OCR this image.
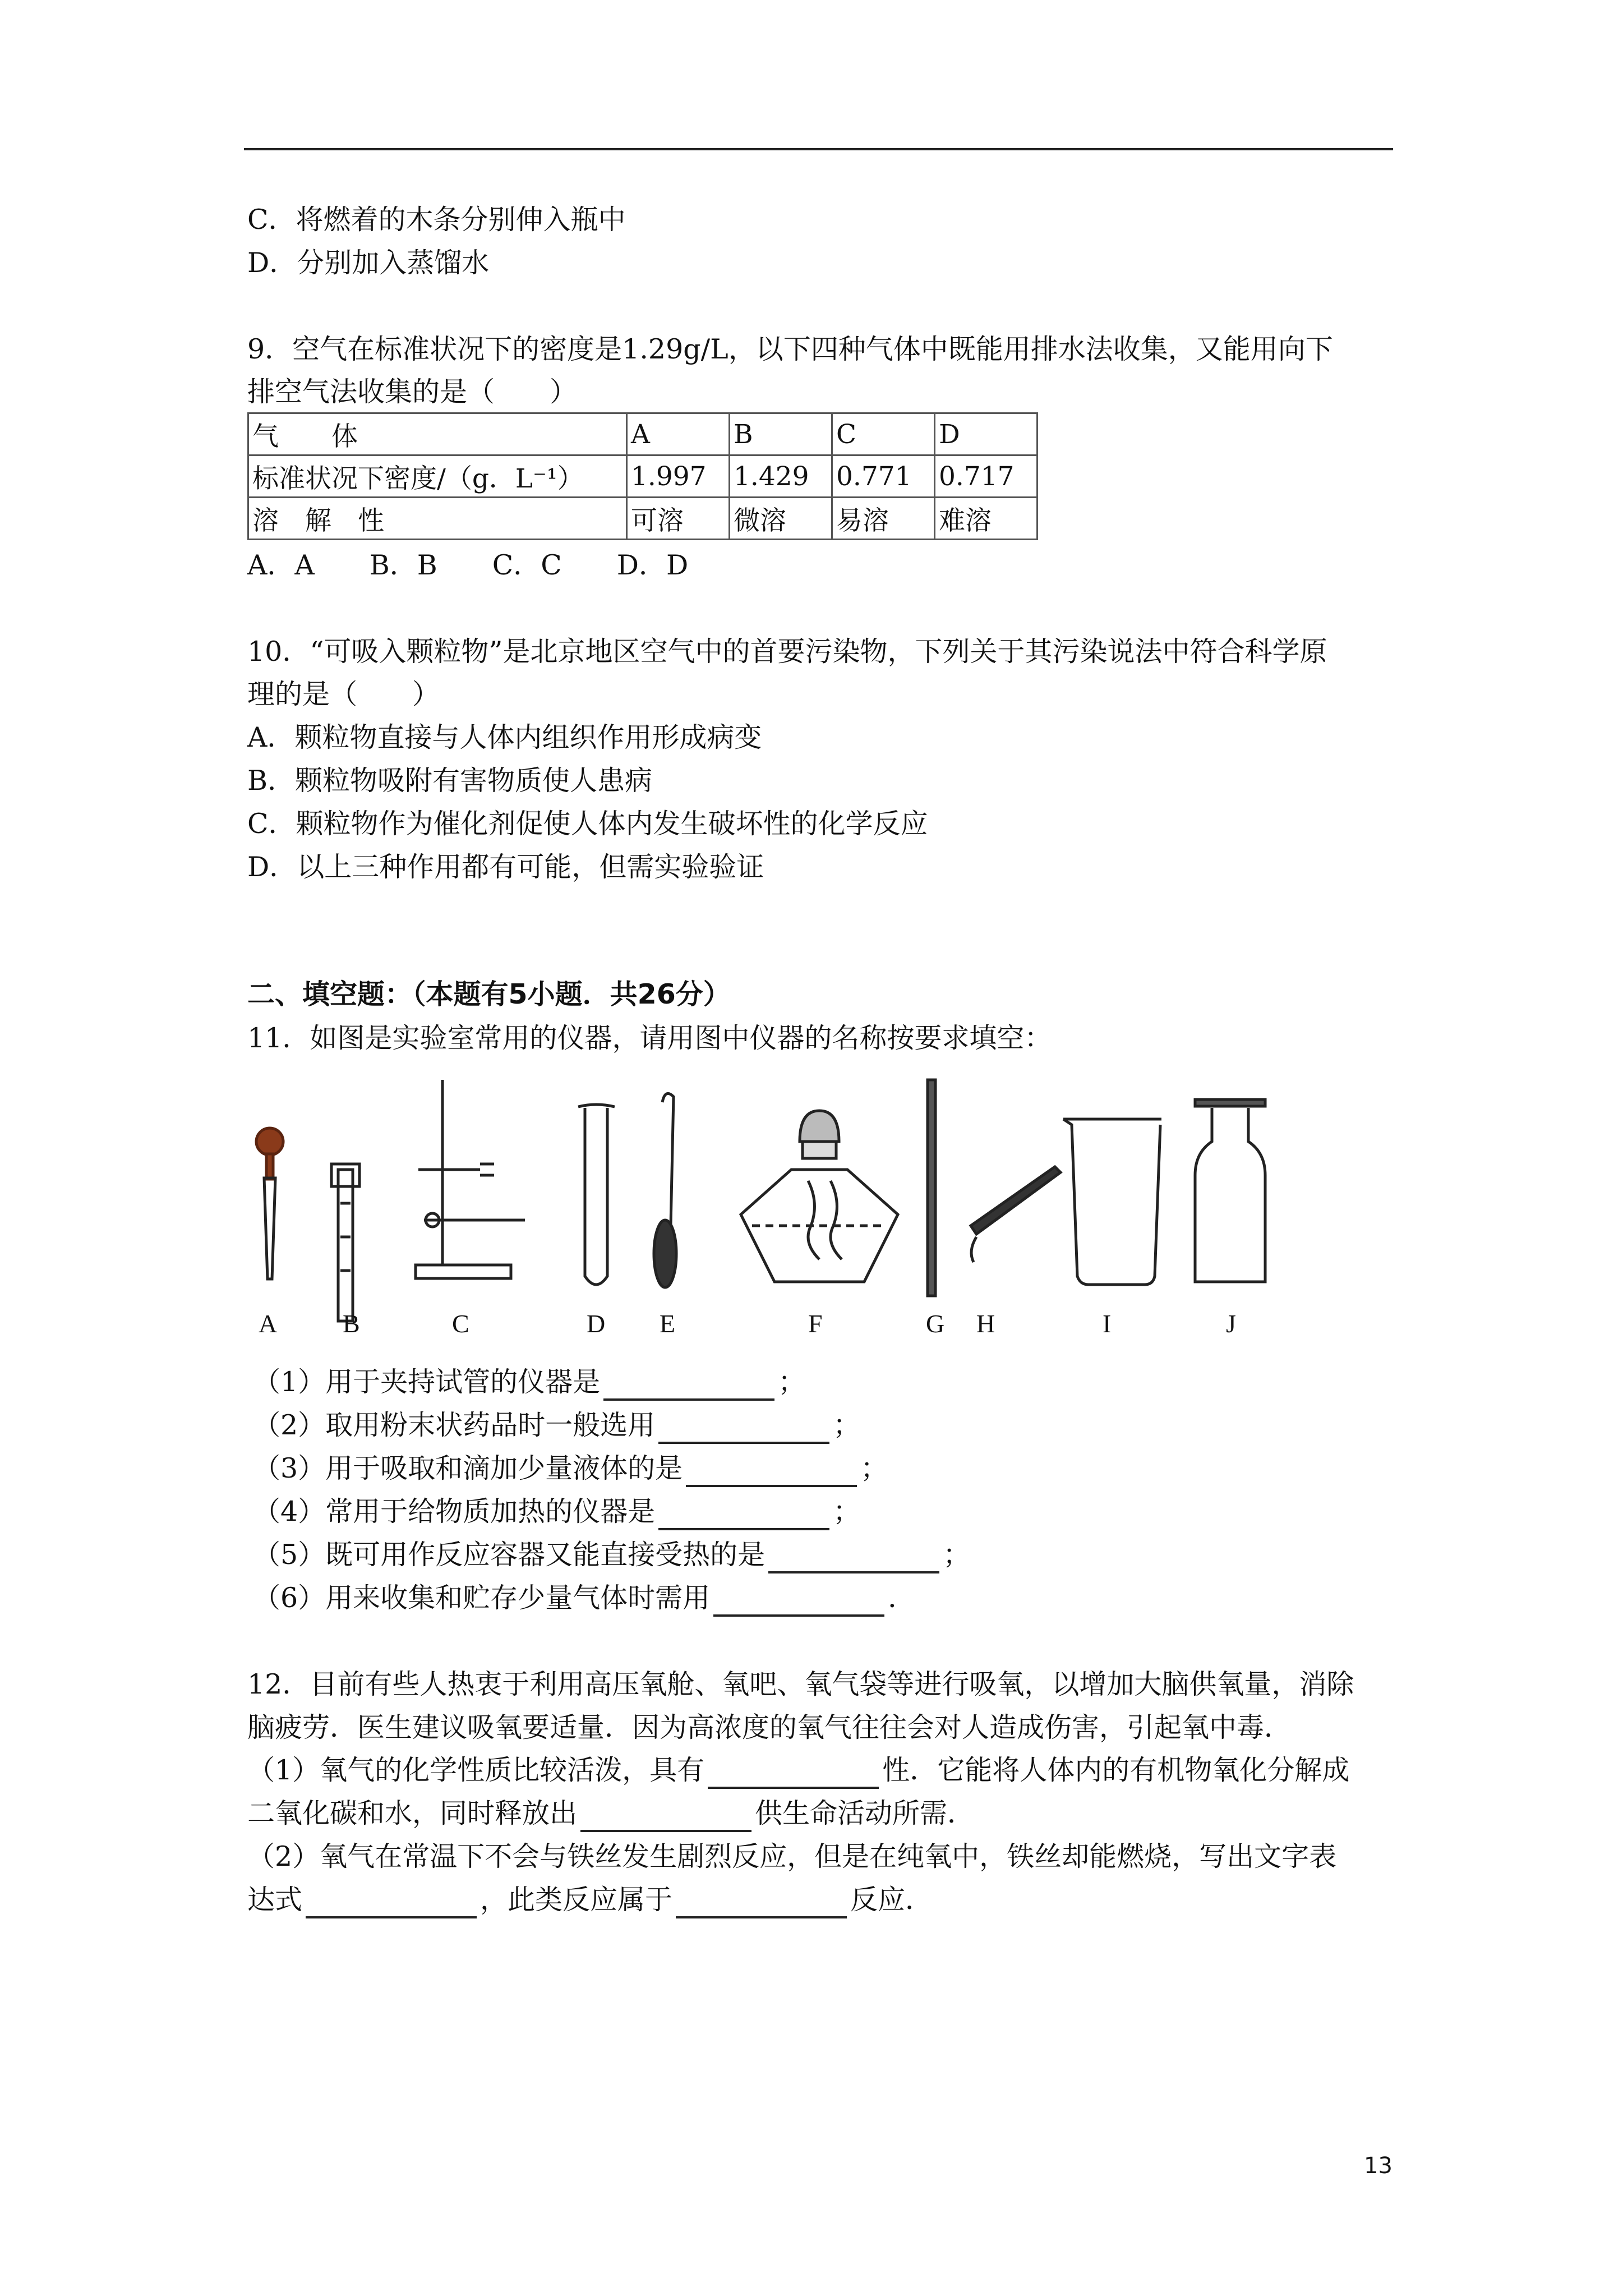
C．将燃着的木条分别伸入瓶中
D．分别加入蒸馏水
9．空气在标准状况下的密度是1.29g/L，以下四种气体中既能用排水法收集，又能用向下
排空气法收集的是（　　）
气　　体	A	B	C	D
标准状况下密度/（g．L⁻¹）	1.997	1.429	0.771	0.717
溶　解　性	可溶	微溶	易溶	难溶
A．A　　B．B　　C．C　　D．D
10．“可吸入颗粒物”是北京地区空气中的首要污染物，下列关于其污染说法中符合科学原
理的是（　　）
A．颗粒物直接与人体内组织作用形成病变
B．颗粒物吸附有害物质使人患病
C．颗粒物作为催化剂促使人体内发生破坏性的化学反应
D．以上三种作用都有可能，但需实验验证
二、填空题：（本题有5小题．共26分）
11．如图是实验室常用的仪器，请用图中仪器的名称按要求填空：
A	B	C	D E	F	G H	I	J
（1）用于夹持试管的仪器是	；
（2）取用粉末状药品时一般选用	；
（3）用于吸取和滴加少量液体的是	；
（4）常用于给物质加热的仪器是	；
（5）既可用作反应容器又能直接受热的是	；
（6）用来收集和贮存少量气体时需用	．
12．目前有些人热衷于利用高压氧舱、氧吧、氧气袋等进行吸氧，以增加大脑供氧量，消除
脑疲劳．医生建议吸氧要适量．因为高浓度的氧气往往会对人造成伤害，引起氧中毒．
（1）氧气的化学性质比较活泼，具有	性．它能将人体内的有机物氧化分解成
二氧化碳和水，同时释放出	供生命活动所需．
（2）氧气在常温下不会与铁丝发生剧烈反应，但是在纯氧中，铁丝却能燃烧，写出文字表
达式	，此类反应属于	反应．
13
